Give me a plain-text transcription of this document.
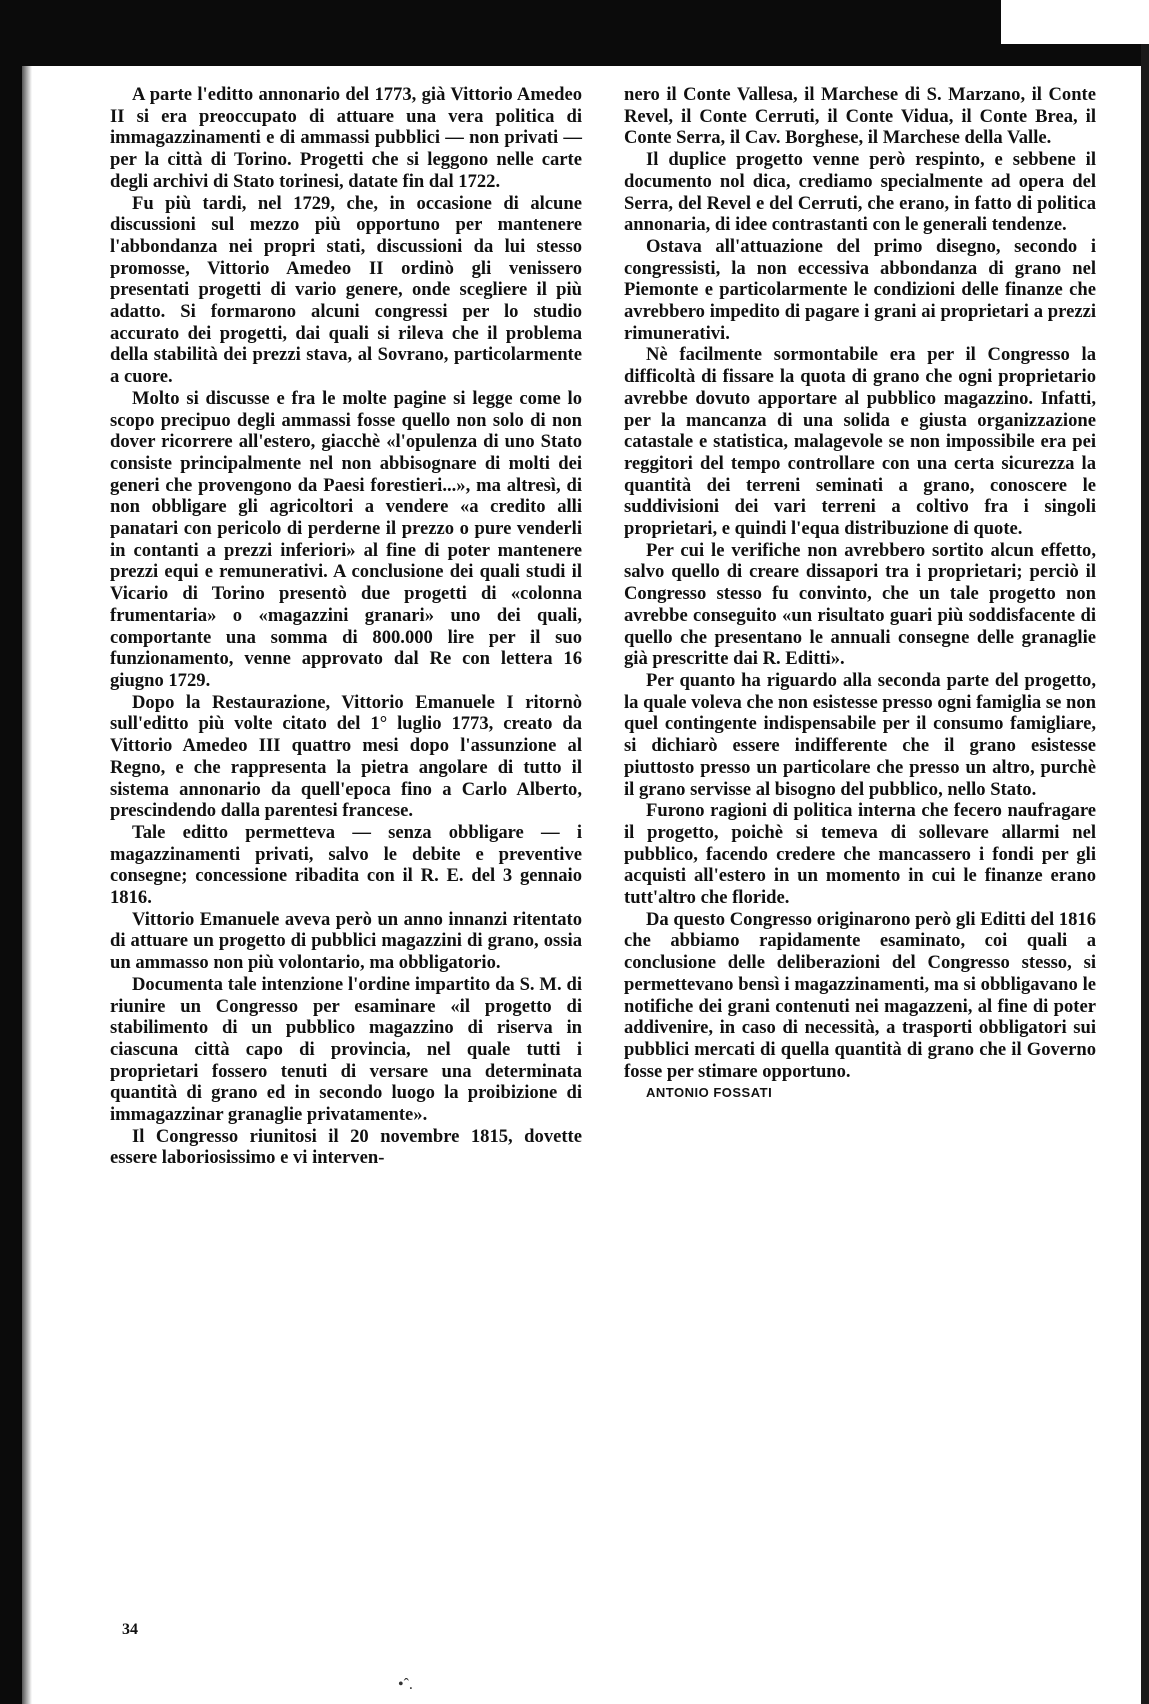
A parte l'editto annonario del 1773, già Vittorio Amedeo II si era preoccupato di attuare una vera politica di immagazzinamenti e di ammassi pubblici — non privati — per la città di Torino. Progetti che si leggono nelle carte degli archivi di Stato torinesi, datate fin dal 1722.

Fu più tardi, nel 1729, che, in occasione di alcune discussioni sul mezzo più opportuno per mantenere l'abbondanza nei propri stati, discussioni da lui stesso promosse, Vittorio Amedeo II ordinò gli venissero presentati progetti di vario genere, onde scegliere il più adatto. Si formarono alcuni congressi per lo studio accurato dei progetti, dai quali si rileva che il problema della stabilità dei prezzi stava, al Sovrano, particolarmente a cuore.

Molto si discusse e fra le molte pagine si legge come lo scopo precipuo degli ammassi fosse quello non solo di non dover ricorrere all'estero, giacchè «l'opulenza di uno Stato consiste principalmente nel non abbisognare di molti dei generi che provengono da Paesi forestieri...», ma altresì, di non obbligare gli agricoltori a vendere «a credito alli panatari con pericolo di perderne il prezzo o pure venderli in contanti a prezzi inferiori» al fine di poter mantenere prezzi equi e remunerativi. A conclusione dei quali studi il Vicario di Torino presentò due progetti di «colonna frumentaria» o «magazzini granari» uno dei quali, comportante una somma di 800.000 lire per il suo funzionamento, venne approvato dal Re con lettera 16 giugno 1729.

Dopo la Restaurazione, Vittorio Emanuele I ritornò sull'editto più volte citato del 1° luglio 1773, creato da Vittorio Amedeo III quattro mesi dopo l'assunzione al Regno, e che rappresenta la pietra angolare di tutto il sistema annonario da quell'epoca fino a Carlo Alberto, prescindendo dalla parentesi francese.

Tale editto permetteva — senza obbligare — i magazzinamenti privati, salvo le debite e preventive consegne; concessione ribadita con il R. E. del 3 gennaio 1816.

Vittorio Emanuele aveva però un anno innanzi ritentato di attuare un progetto di pubblici magazzini di grano, ossia un ammasso non più volontario, ma obbligatorio.

Documenta tale intenzione l'ordine impartito da S. M. di riunire un Congresso per esaminare «il progetto di stabilimento di un pubblico magazzino di riserva in ciascuna città capo di provincia, nel quale tutti i proprietari fossero tenuti di versare una determinata quantità di grano ed in secondo luogo la proibizione di immagazzinar granaglie privatamente».

Il Congresso riunitosi il 20 novembre 1815, dovette essere laboriosissimo e vi interven-

nero il Conte Vallesa, il Marchese di S. Marzano, il Conte Revel, il Conte Cerruti, il Conte Vidua, il Conte Brea, il Conte Serra, il Cav. Borghese, il Marchese della Valle.

Il duplice progetto venne però respinto, e sebbene il documento nol dica, crediamo specialmente ad opera del Serra, del Revel e del Cerruti, che erano, in fatto di politica annonaria, di idee contrastanti con le generali tendenze.

Ostava all'attuazione del primo disegno, secondo i congressisti, la non eccessiva abbondanza di grano nel Piemonte e particolarmente le condizioni delle finanze che avrebbero impedito di pagare i grani ai proprietari a prezzi rimunerativi.

Nè facilmente sormontabile era per il Congresso la difficoltà di fissare la quota di grano che ogni proprietario avrebbe dovuto apportare al pubblico magazzino. Infatti, per la mancanza di una solida e giusta organizzazione catastale e statistica, malagevole se non impossibile era pei reggitori del tempo controllare con una certa sicurezza la quantità dei terreni seminati a grano, conoscere le suddivisioni dei vari terreni a coltivo fra i singoli proprietari, e quindi l'equa distribuzione di quote.

Per cui le verifiche non avrebbero sortito alcun effetto, salvo quello di creare dissapori tra i proprietari; perciò il Congresso stesso fu convinto, che un tale progetto non avrebbe conseguito «un risultato guari più soddisfacente di quello che presentano le annuali consegne delle granaglie già prescritte dai R. Editti».

Per quanto ha riguardo alla seconda parte del progetto, la quale voleva che non esistesse presso ogni famiglia se non quel contingente indispensabile per il consumo famigliare, si dichiarò essere indifferente che il grano esistesse piuttosto presso un particolare che presso un altro, purchè il grano servisse al bisogno del pubblico, nello Stato.

Furono ragioni di politica interna che fecero naufragare il progetto, poichè si temeva di sollevare allarmi nel pubblico, facendo credere che mancassero i fondi per gli acquisti all'estero in un momento in cui le finanze erano tutt'altro che floride.

Da questo Congresso originarono però gli Editti del 1816 che abbiamo rapidamente esaminato, coi quali a conclusione delle deliberazioni del Congresso stesso, si permettevano bensì i magazzinamenti, ma si obbligavano le notifiche dei grani contenuti nei magazzeni, al fine di poter addivenire, in caso di necessità, a trasporti obbligatori sui pubblici mercati di quella quantità di grano che il Governo fosse per stimare opportuno.

ANTONIO FOSSATI

34
•ˆ.
